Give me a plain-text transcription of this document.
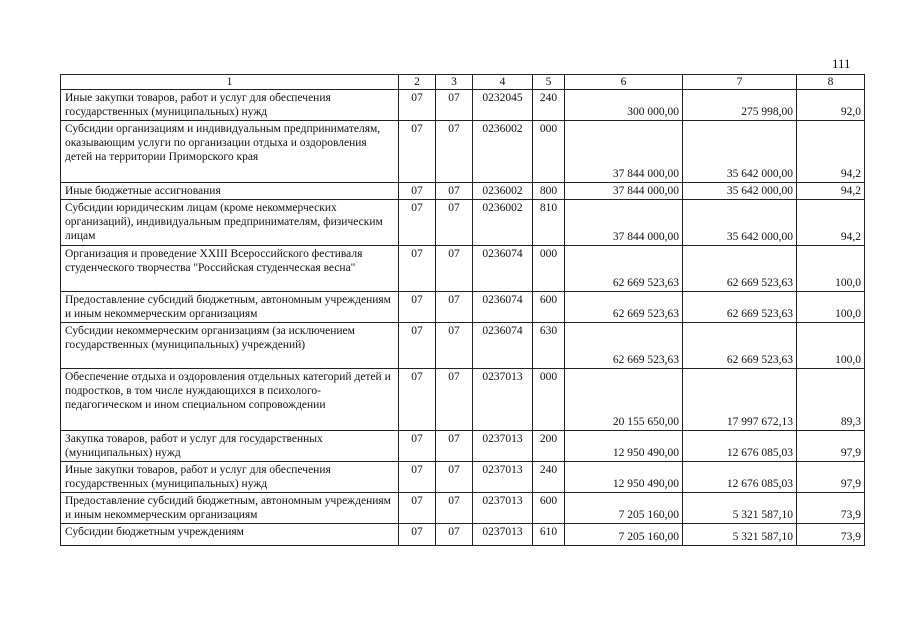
111
1	2	3	4	5	6	7	8
Иные закупки товаров, работ и услуг для обеспечения государственных (муниципальных) нужд	07	07	0232045	240	300 000,00	275 998,00	92,0
Субсидии организациям и индивидуальным предпринимателям, оказывающим услуги по организации отдыха и оздоровления детей на территории Приморского края	07	07	0236002	000	37 844 000,00	35 642 000,00	94,2
Иные бюджетные ассигнования	07	07	0236002	800	37 844 000,00	35 642 000,00	94,2
Субсидии юридическим лицам (кроме некоммерческих организаций), индивидуальным предпринимателям, физическим лицам	07	07	0236002	810	37 844 000,00	35 642 000,00	94,2
Организация и проведение XXIII Всероссийского фестиваля студенческого творчества "Российская студенческая весна"	07	07	0236074	000	62 669 523,63	62 669 523,63	100,0
Предоставление субсидий бюджетным, автономным учреждениям и иным некоммерческим организациям	07	07	0236074	600	62 669 523,63	62 669 523,63	100,0
Субсидии некоммерческим организациям (за исключением государственных (муниципальных) учреждений)	07	07	0236074	630	62 669 523,63	62 669 523,63	100,0
Обеспечение отдыха и оздоровления отдельных категорий детей и подростков, в том числе нуждающихся в психолого-педагогическом и ином специальном сопровождении	07	07	0237013	000	20 155 650,00	17 997 672,13	89,3
Закупка товаров, работ и услуг для государственных (муниципальных) нужд	07	07	0237013	200	12 950 490,00	12 676 085,03	97,9
Иные закупки товаров, работ и услуг для обеспечения государственных (муниципальных) нужд	07	07	0237013	240	12 950 490,00	12 676 085,03	97,9
Предоставление субсидий бюджетным, автономным учреждениям и иным некоммерческим организациям	07	07	0237013	600	7 205 160,00	5 321 587,10	73,9
Субсидии бюджетным учреждениям	07	07	0237013	610	7 205 160,00	5 321 587,10	73,9
